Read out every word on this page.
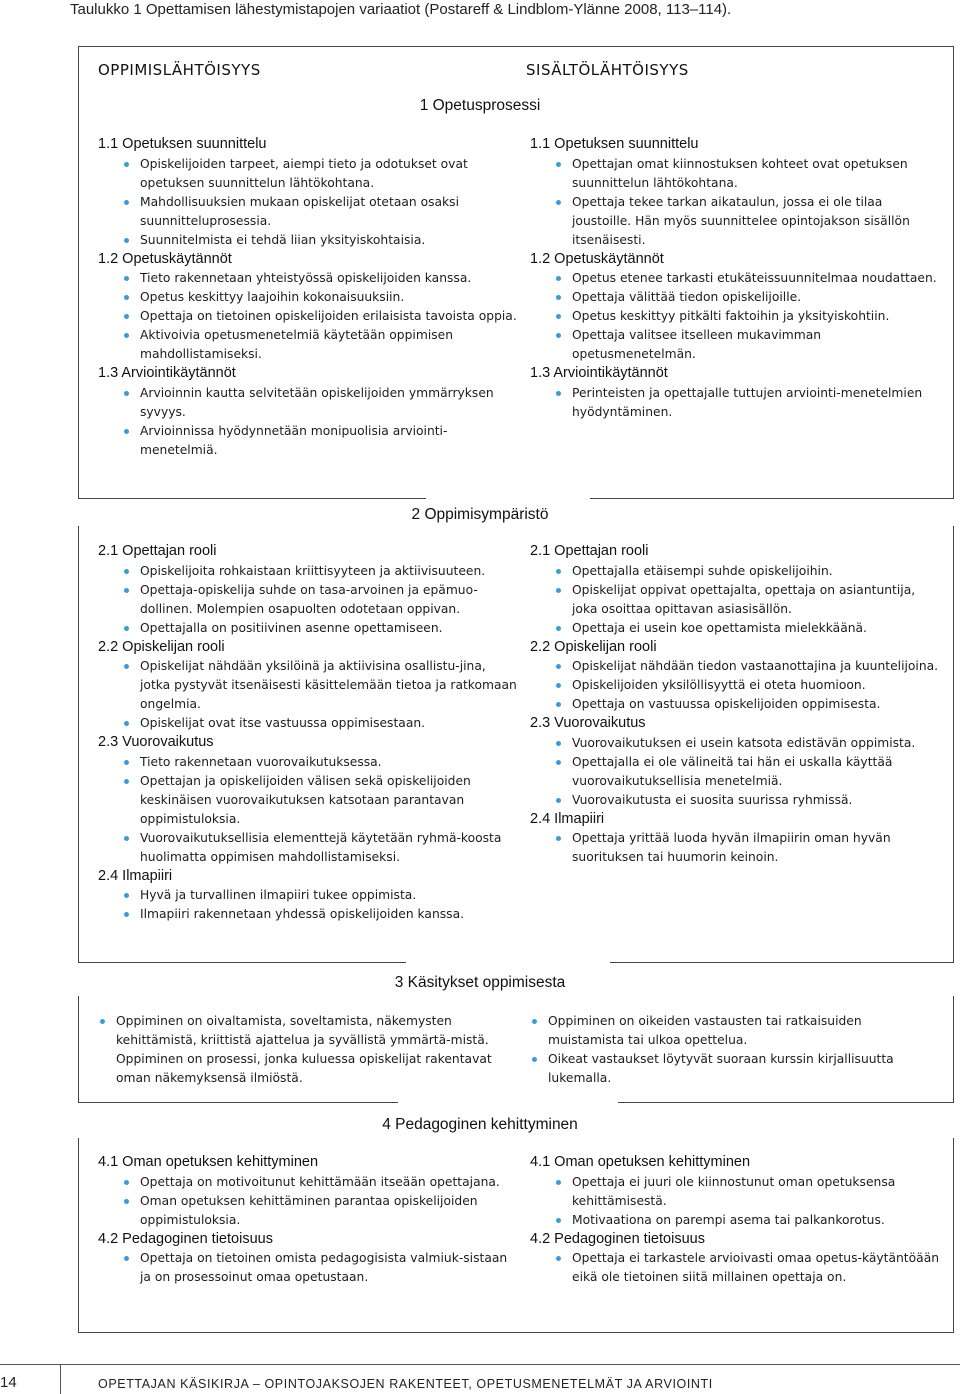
Taulukko 1 Opettamisen lähestymistapojen variaatiot (Postareff & Lindblom-Ylänne 2008, 113–114).
OPPIMISLÄHTÖISYYS	SISÄLTÖLÄHTÖISYYS
1 Opetusprosessi
2 Oppimisympäristö
3 Käsitykset oppimisesta
4 Pedagoginen kehittyminen
1.1 Opetuksen suunnittelu
Opiskelijoiden tarpeet, aiempi tieto ja odotukset ovat opetuksen suunnittelun lähtökohtana.
Mahdollisuuksien mukaan opiskelijat otetaan osaksi suunnitteluprosessia.
Suunnitelmista ei tehdä liian yksityiskohtaisia.
1.2 Opetuskäytännöt
Tieto rakennetaan yhteistyössä opiskelijoiden kanssa.
Opetus keskittyy laajoihin kokonaisuuksiin.
Opettaja on tietoinen opiskelijoiden erilaisista tavoista oppia.
Aktivoivia opetusmenetelmiä käytetään oppimisen mahdollistamiseksi.
1.3 Arviointikäytännöt
Arvioinnin kautta selvitetään opiskelijoiden ymmärryksen syvyys.
Arvioinnissa hyödynnetään monipuolisia arviointi-menetelmiä.
1.1 Opetuksen suunnittelu
Opettajan omat kiinnostuksen kohteet ovat opetuksen suunnittelun lähtökohtana.
Opettaja tekee tarkan aikataulun, jossa ei ole tilaa joustoille. Hän myös suunnittelee opintojakson sisällön itsenäisesti.
1.2 Opetuskäytännöt
Opetus etenee tarkasti etukäteissuunnitelmaa noudattaen.
Opettaja välittää tiedon opiskelijoille.
Opetus keskittyy pitkälti faktoihin ja yksityiskohtiin.
Opettaja valitsee itselleen mukavimman opetusmenetelmän.
1.3 Arviointikäytännöt
Perinteisten ja opettajalle tuttujen arviointi-menetelmien hyödyntäminen.
2.1 Opettajan rooli
Opiskelijoita rohkaistaan kriittisyyteen ja aktiivisuuteen.
Opettaja-opiskelija suhde on tasa-arvoinen ja epämuo-dollinen. Molempien osapuolten odotetaan oppivan.
Opettajalla on positiivinen asenne opettamiseen.
2.2 Opiskelijan rooli
Opiskelijat nähdään yksilöinä ja aktiivisina osallistu-jina, jotka pystyvät itsenäisesti käsittelemään tietoa ja ratkomaan ongelmia.
Opiskelijat ovat itse vastuussa oppimisestaan.
2.3 Vuorovaikutus
Tieto rakennetaan vuorovaikutuksessa.
Opettajan ja opiskelijoiden välisen sekä opiskelijoiden keskinäisen vuorovaikutuksen katsotaan parantavan oppimistuloksia.
Vuorovaikutuksellisia elementtejä käytetään ryhmä-koosta huolimatta oppimisen mahdollistamiseksi.
2.4 Ilmapiiri
Hyvä ja turvallinen ilmapiiri tukee oppimista.
Ilmapiiri rakennetaan yhdessä opiskelijoiden kanssa.
2.1 Opettajan rooli
Opettajalla etäisempi suhde opiskelijoihin.
Opiskelijat oppivat opettajalta, opettaja on asiantuntija, joka osoittaa opittavan asiasisällön.
Opettaja ei usein koe opettamista mielekkäänä.
2.2 Opiskelijan rooli
Opiskelijat nähdään tiedon vastaanottajina ja kuuntelijoina.
Opiskelijoiden yksilöllisyyttä ei oteta huomioon.
Opettaja on vastuussa opiskelijoiden oppimisesta.
2.3 Vuorovaikutus
Vuorovaikutuksen ei usein katsota edistävän oppimista.
Opettajalla ei ole välineitä tai hän ei uskalla käyttää vuorovaikutuksellisia menetelmiä.
Vuorovaikutusta ei suosita suurissa ryhmissä.
2.4 Ilmapiiri
Opettaja yrittää luoda hyvän ilmapiirin oman hyvän suorituksen tai huumorin keinoin.
Oppiminen on oivaltamista, soveltamista, näkemysten kehittämistä, kriittistä ajattelua ja syvällistä ymmärtä-mistä. Oppiminen on prosessi, jonka kuluessa opiskelijat rakentavat oman näkemyksensä ilmiöstä.
Oppiminen on oikeiden vastausten tai ratkaisuiden muistamista tai ulkoa opettelua.
Oikeat vastaukset löytyvät suoraan kurssin kirjallisuutta lukemalla.
4.1 Oman opetuksen kehittyminen
Opettaja on motivoitunut kehittämään itseään opettajana.
Oman opetuksen kehittäminen parantaa opiskelijoiden oppimistuloksia.
4.2 Pedagoginen tietoisuus
Opettaja on tietoinen omista pedagogisista valmiuk-sistaan ja on prosessoinut omaa opetustaan.
4.1 Oman opetuksen kehittyminen
Opettaja ei juuri ole kiinnostunut oman opetuksensa kehittämisestä.
Motivaationa on parempi asema tai palkankorotus.
4.2 Pedagoginen tietoisuus
Opettaja ei tarkastele arvioivasti omaa opetus-käytäntöään eikä ole tietoinen siitä millainen opettaja on.
14	OPETTAJAN KÄSIKIRJA – OPINTOJAKSOJEN RAKENTEET, OPETUSMENETELMÄT JA ARVIOINTI
